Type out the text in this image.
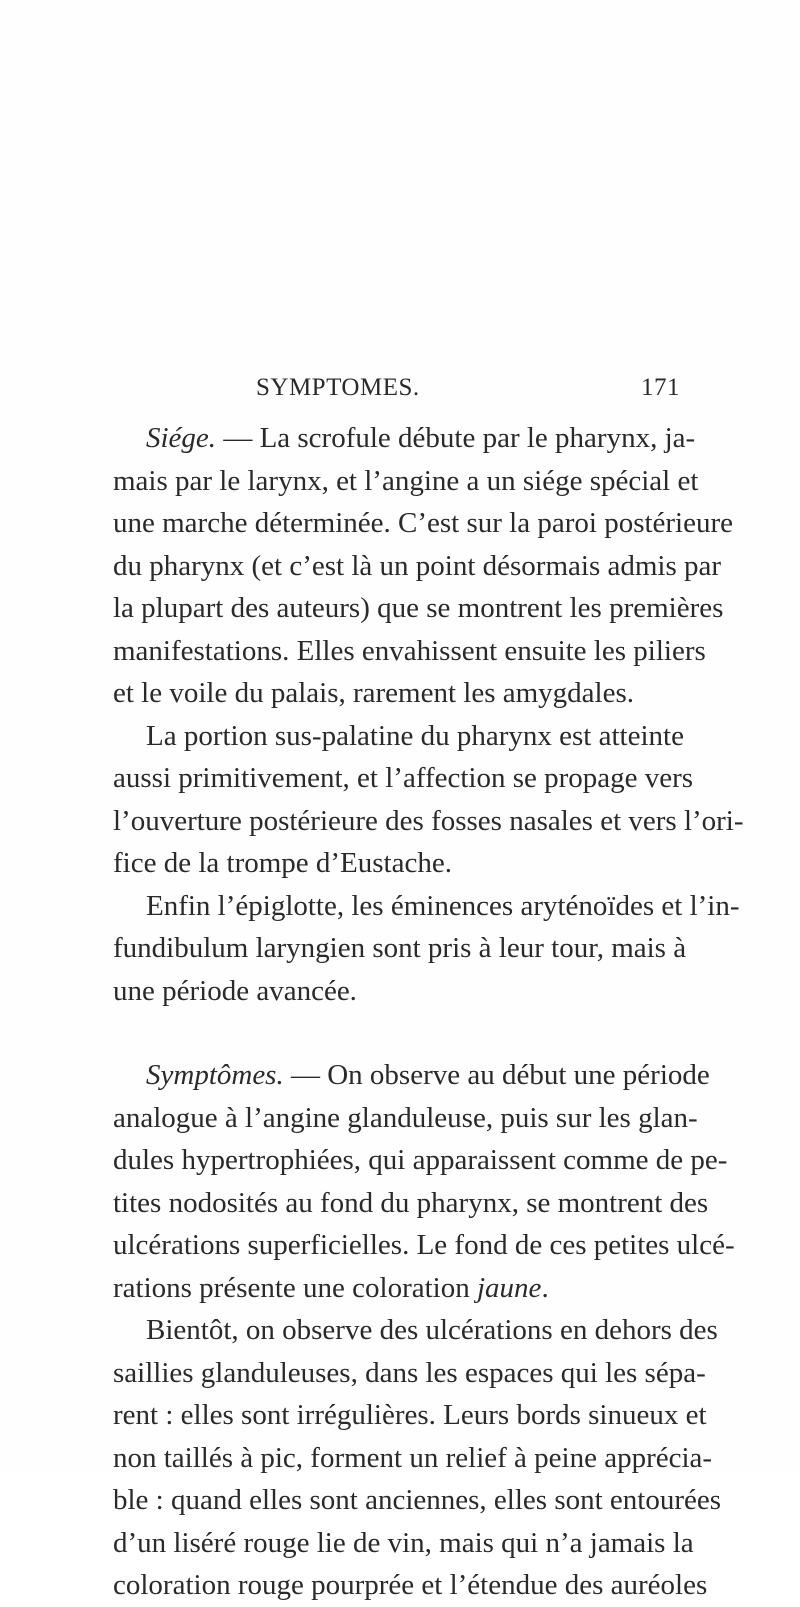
SYMPTOMES.	171
Siége. — La scrofule débute par le pharynx, ja-
mais par le larynx, et l’angine a un siége spécial et
une marche déterminée. C’est sur la paroi postérieure
du pharynx (et c’est là un point désormais admis par
la plupart des auteurs) que se montrent les premières
manifestations. Elles envahissent ensuite les piliers
et le voile du palais, rarement les amygdales.
La portion sus-palatine du pharynx est atteinte
aussi primitivement, et l’affection se propage vers
l’ouverture postérieure des fosses nasales et vers l’ori-
fice de la trompe d’Eustache.
Enfin l’épiglotte, les éminences aryténoïdes et l’in-
fundibulum laryngien sont pris à leur tour, mais à
une période avancée.
Symptômes. — On observe au début une période
analogue à l’angine glanduleuse, puis sur les glan-
dules hypertrophiées, qui apparaissent comme de pe-
tites nodosités au fond du pharynx, se montrent des
ulcérations superficielles. Le fond de ces petites ulcé-
rations présente une coloration jaune.
Bientôt, on observe des ulcérations en dehors des
saillies glanduleuses, dans les espaces qui les sépa-
rent : elles sont irrégulières. Leurs bords sinueux et
non taillés à pic, forment un relief à peine apprécia-
ble : quand elles sont anciennes, elles sont entourées
d’un liséré rouge lie de vin, mais qui n’a jamais la
coloration rouge pourprée et l’étendue des auréoles
